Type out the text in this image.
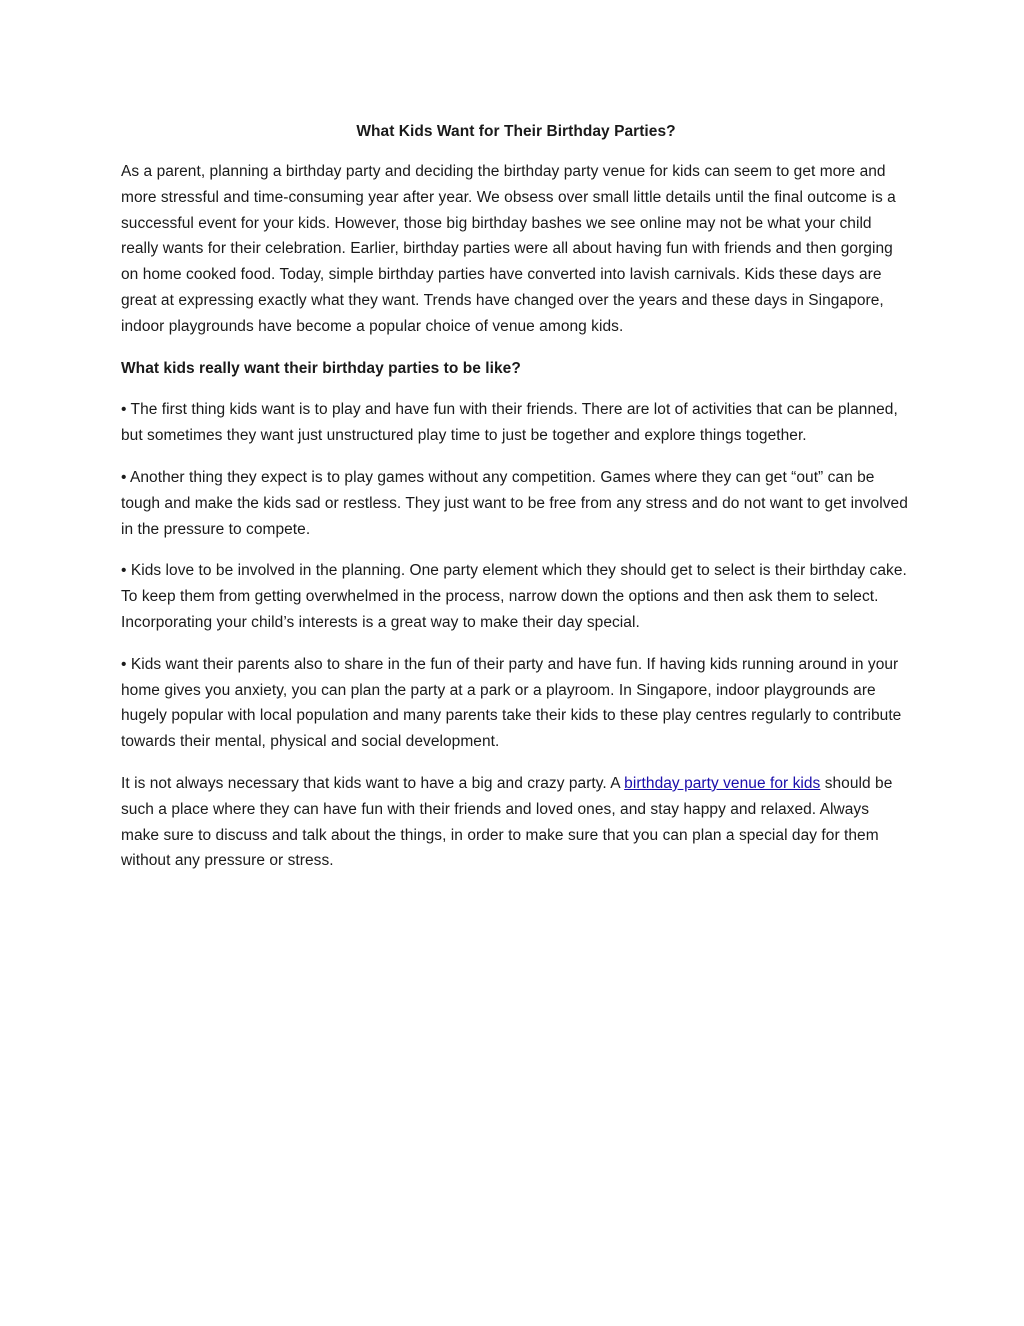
What Kids Want for Their Birthday Parties?

As a parent, planning a birthday party and deciding the birthday party venue for kids can seem to get more and more stressful and time-consuming year after year. We obsess over small little details until the final outcome is a successful event for your kids. However, those big birthday bashes we see online may not be what your child really wants for their celebration. Earlier, birthday parties were all about having fun with friends and then gorging on home cooked food. Today, simple birthday parties have converted into lavish carnivals. Kids these days are great at expressing exactly what they want. Trends have changed over the years and these days in Singapore, indoor playgrounds have become a popular choice of venue among kids.

What kids really want their birthday parties to be like?

• The first thing kids want is to play and have fun with their friends. There are lot of activities that can be planned, but sometimes they want just unstructured play time to just be together and explore things together.

• Another thing they expect is to play games without any competition. Games where they can get “out” can be tough and make the kids sad or restless. They just want to be free from any stress and do not want to get involved in the pressure to compete.

• Kids love to be involved in the planning. One party element which they should get to select is their birthday cake. To keep them from getting overwhelmed in the process, narrow down the options and then ask them to select. Incorporating your child’s interests is a great way to make their day special.

• Kids want their parents also to share in the fun of their party and have fun. If having kids running around in your home gives you anxiety, you can plan the party at a park or a playroom. In Singapore, indoor playgrounds are hugely popular with local population and many parents take their kids to these play centres regularly to contribute towards their mental, physical and social development.

It is not always necessary that kids want to have a big and crazy party. A birthday party venue for kids should be such a place where they can have fun with their friends and loved ones, and stay happy and relaxed. Always make sure to discuss and talk about the things, in order to make sure that you can plan a special day for them without any pressure or stress.
